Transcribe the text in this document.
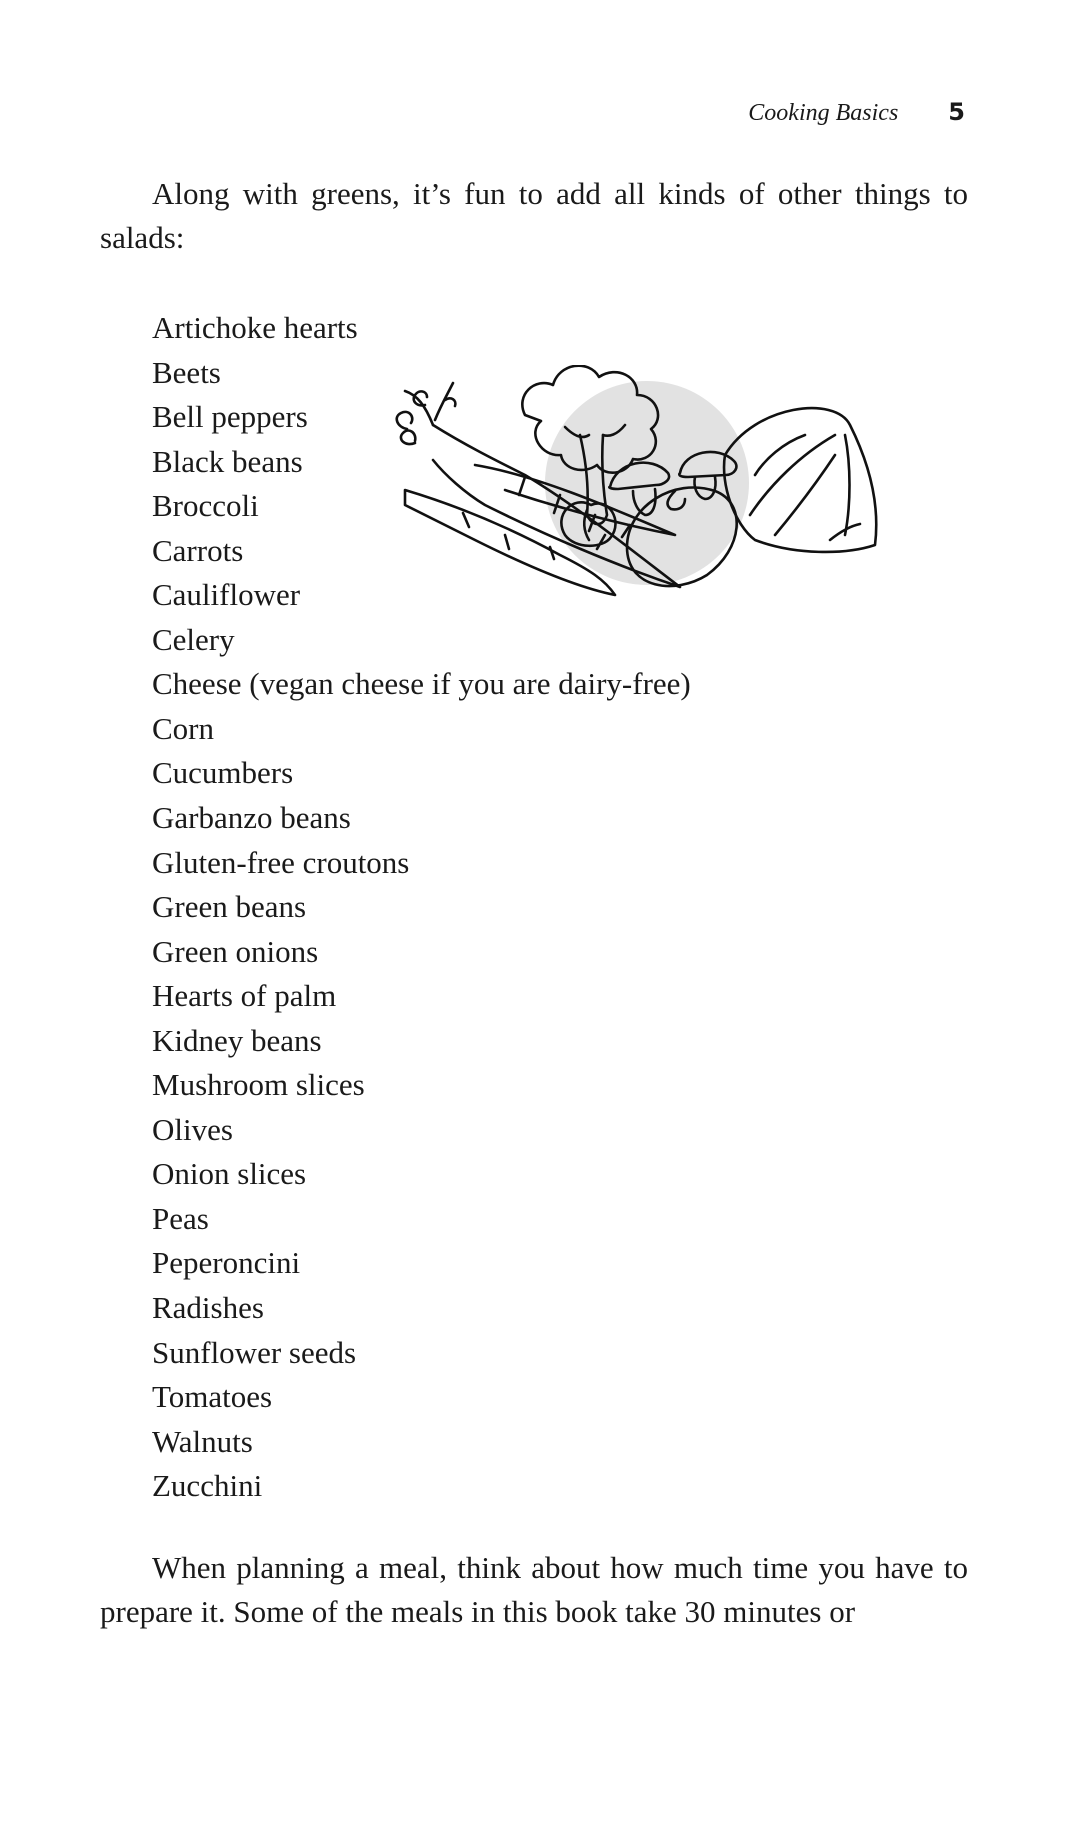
Cooking Basics 5

Along with greens, it’s fun to add all kinds of other things to salads:

Artichoke hearts
Beets
Bell peppers
Black beans
Broccoli
Carrots
Cauliflower
Celery
Cheese (vegan cheese if you are dairy-free)
Corn
Cucumbers
Garbanzo beans
Gluten-free croutons
Green beans
Green onions
Hearts of palm
Kidney beans
Mushroom slices
Olives
Onion slices
Peas
Peperoncini
Radishes
Sunflower seeds
Tomatoes
Walnuts
Zucchini

When planning a meal, think about how much time you have to prepare it. Some of the meals in this book take 30 minutes or
